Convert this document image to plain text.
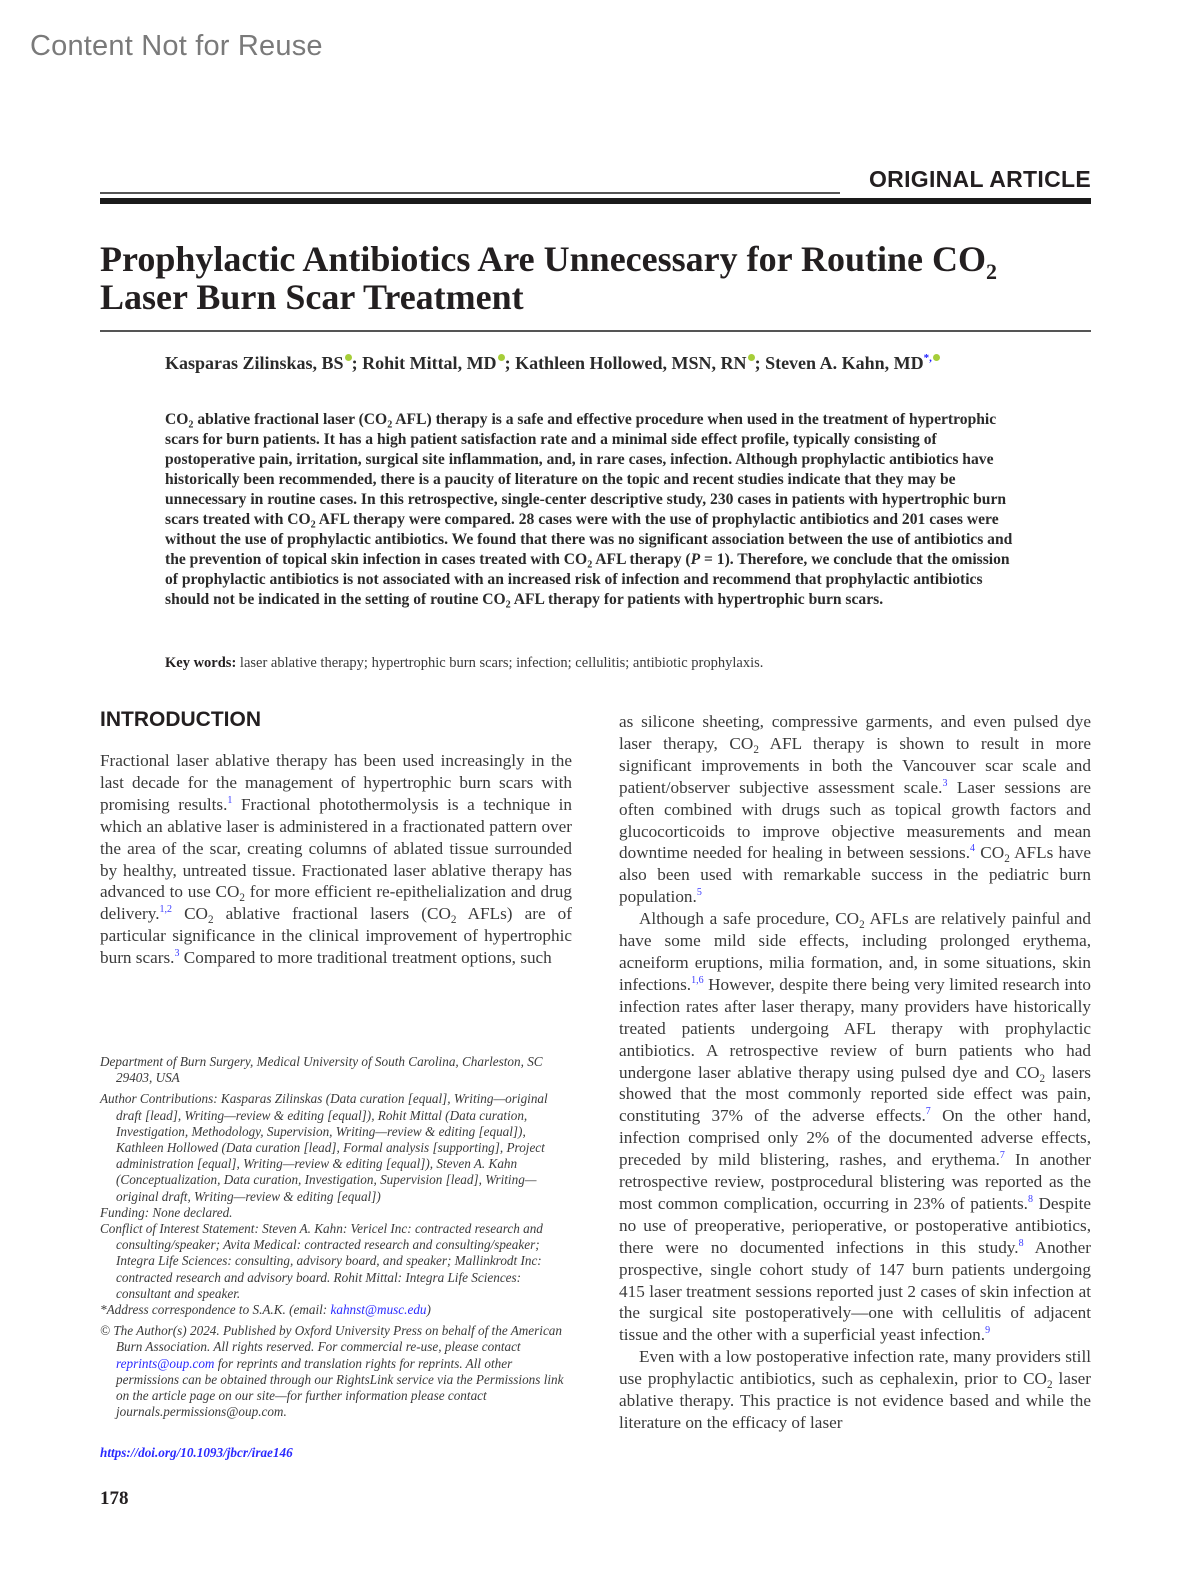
Content Not for Reuse
ORIGINAL ARTICLE
Prophylactic Antibiotics Are Unnecessary for Routine $CO_2$
Laser Burn Scar Treatment
Kasparas Zilinskas, BS ; Rohit Mittal, MD ; Kathleen Hollowed, MSN, RN ; Steven A. Kahn, MD*,
$CO_2$ ablative fractional laser ($CO_2$ AFL) therapy is a safe and effective procedure when used in the treatment of hypertrophic scars for burn patients. It has a high patient satisfaction rate and a minimal side effect profile, typically consisting of postoperative pain, irritation, surgical site inflammation, and, in rare cases, infection. Although prophylactic antibiotics have historically been recommended, there is a paucity of literature on the topic and recent studies indicate that they may be unnecessary in routine cases. In this retrospective, single-center descriptive study, 230 cases in patients with hypertrophic burn scars treated with $CO_2$ AFL therapy were compared. 28 cases were with the use of prophylactic antibiotics and 201 cases were without the use of prophylactic antibiotics. We found that there was no significant association between the use of antibiotics and the prevention of topical skin infection in cases treated with $CO_2$ AFL therapy (P = 1). Therefore, we conclude that the omission of prophylactic antibiotics is not associated with an increased risk of infection and recommend that prophylactic antibiotics should not be indicated in the setting of routine $CO_2$ AFL therapy for patients with hypertrophic burn scars.
Key words: laser ablative therapy; hypertrophic burn scars; infection; cellulitis; antibiotic prophylaxis.
INTRODUCTION

Fractional laser ablative therapy has been used increasingly in the last decade for the management of hypertrophic burn scars with promising results.$^1$ Fractional photothermolysis is a technique in which an ablative laser is administered in a fractionated pattern over the area of the scar, creating columns of ablated tissue surrounded by healthy, untreated tissue. Fractionated laser ablative therapy has advanced to use $CO_2$ for more efficient re-epithelialization and drug delivery.$^{1,2}$ $CO_2$ ablative fractional lasers ($CO_2$ AFLs) are of particular significance in the clinical improvement of hypertrophic burn scars.$^3$ Compared to more traditional treatment options, such

as silicone sheeting, compressive garments, and even pulsed dye laser therapy, $CO_2$ AFL therapy is shown to result in more significant improvements in both the Vancouver scar scale and patient/observer subjective assessment scale.$^3$ Laser sessions are often combined with drugs such as topical growth factors and glucocorticoids to improve objective measurements and mean downtime needed for healing in between sessions.$^4$ $CO_2$ AFLs have also been used with remarkable success in the pediatric burn population.$^5$

Although a safe procedure, $CO_2$ AFLs are relatively painful and have some mild side effects, including prolonged erythema, acneiform eruptions, milia formation, and, in some situations, skin infections.$^{1,6}$ However, despite there being very limited research into infection rates after laser therapy, many providers have historically treated patients undergoing AFL therapy with prophylactic antibiotics. A retrospective review of burn patients who had undergone laser ablative therapy using pulsed dye and $CO_2$ lasers showed that the most commonly reported side effect was pain, constituting 37% of the adverse effects.$^7$ On the other hand, infection comprised only 2% of the documented adverse effects, preceded by mild blistering, rashes, and erythema.$^7$ In another retrospective review, postprocedural blistering was reported as the most common complication, occurring in 23% of patients.$^8$ Despite no use of preoperative, perioperative, or postoperative antibiotics, there were no documented infections in this study.$^8$ Another prospective, single cohort study of 147 burn patients undergoing 415 laser treatment sessions reported just 2 cases of skin infection at the surgical site postoperatively—one with cellulitis of adjacent tissue and the other with a superficial yeast infection.$^9$

Even with a low postoperative infection rate, many providers still use prophylactic antibiotics, such as cephalexin, prior to $CO_2$ laser ablative therapy. This practice is not evidence based and while the literature on the efficacy of laser

Department of Burn Surgery, Medical University of South Carolina, Charleston, SC 29403, USA
Author Contributions: Kasparas Zilinskas (Data curation [equal], Writing—original draft [lead], Writing—review & editing [equal]), Rohit Mittal (Data curation, Investigation, Methodology, Supervision, Writing—review & editing [equal]), Kathleen Hollowed (Data curation [lead], Formal analysis [supporting], Project administration [equal], Writing—review & editing [equal]), Steven A. Kahn (Conceptualization, Data curation, Investigation, Supervision [lead], Writing—original draft, Writing—review & editing [equal])
Funding: None declared.
Conflict of Interest Statement: Steven A. Kahn: Vericel Inc: contracted research and consulting/speaker; Avita Medical: contracted research and consulting/speaker; Integra Life Sciences: consulting, advisory board, and speaker; Mallinkrodt Inc: contracted research and advisory board. Rohit Mittal: Integra Life Sciences: consultant and speaker.
*Address correspondence to S.A.K. (email: kahnst@musc.edu)
© The Author(s) 2024. Published by Oxford University Press on behalf of the American Burn Association. All rights reserved. For commercial re-use, please contact reprints@oup.com for reprints and translation rights for reprints. All other permissions can be obtained through our RightsLink service via the Permissions link on the article page on our site—for further information please contact journals.permissions@oup.com.
https://doi.org/10.1093/jbcr/irae146
178
